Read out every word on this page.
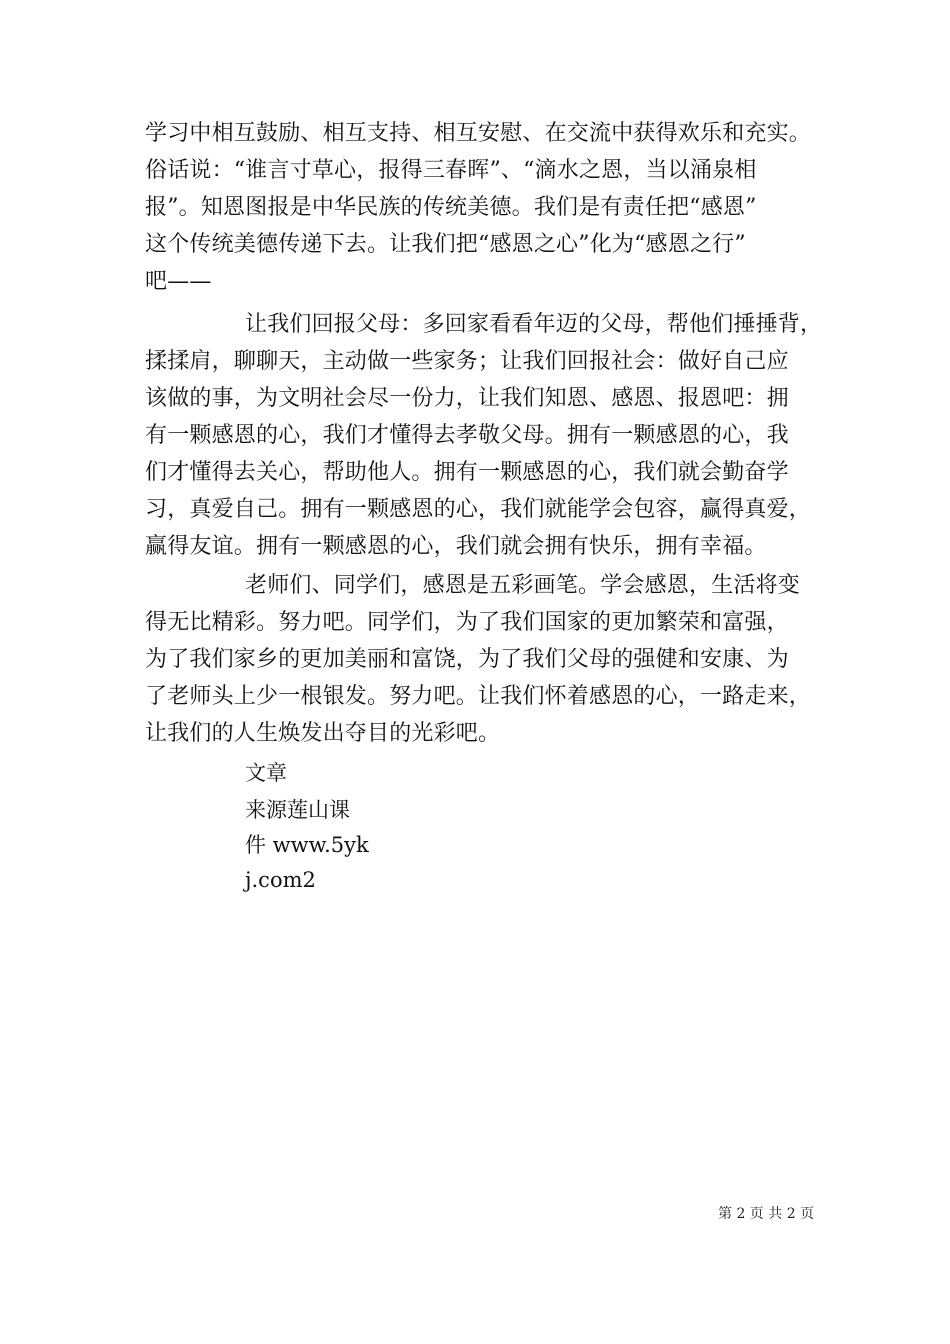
学习中相互鼓励、相互支持、相互安慰、在交流中获得欢乐和充实。
俗话说：“谁言寸草心，报得三春晖”、“滴水之恩，当以涌泉相
报”。知恩图报是中华民族的传统美德。我们是有责任把“感恩”
这个传统美德传递下去。让我们把“感恩之心”化为“感恩之行”
吧——
让我们回报父母：多回家看看年迈的父母，帮他们捶捶背，
揉揉肩，聊聊天，主动做一些家务；让我们回报社会：做好自己应
该做的事，为文明社会尽一份力，让我们知恩、感恩、报恩吧：拥
有一颗感恩的心，我们才懂得去孝敬父母。拥有一颗感恩的心，我
们才懂得去关心，帮助他人。拥有一颗感恩的心，我们就会勤奋学
习，真爱自己。拥有一颗感恩的心，我们就能学会包容，赢得真爱，
赢得友谊。拥有一颗感恩的心，我们就会拥有快乐，拥有幸福。
老师们、同学们，感恩是五彩画笔。学会感恩，生活将变
得无比精彩。努力吧。同学们，为了我们国家的更加繁荣和富强，
为了我们家乡的更加美丽和富饶，为了我们父母的强健和安康、为
了老师头上少一根银发。努力吧。让我们怀着感恩的心，一路走来，
让我们的人生焕发出夺目的光彩吧。
文章
来源莲山课
件 www.5yk
j.com2
第 2 页 共 2 页
